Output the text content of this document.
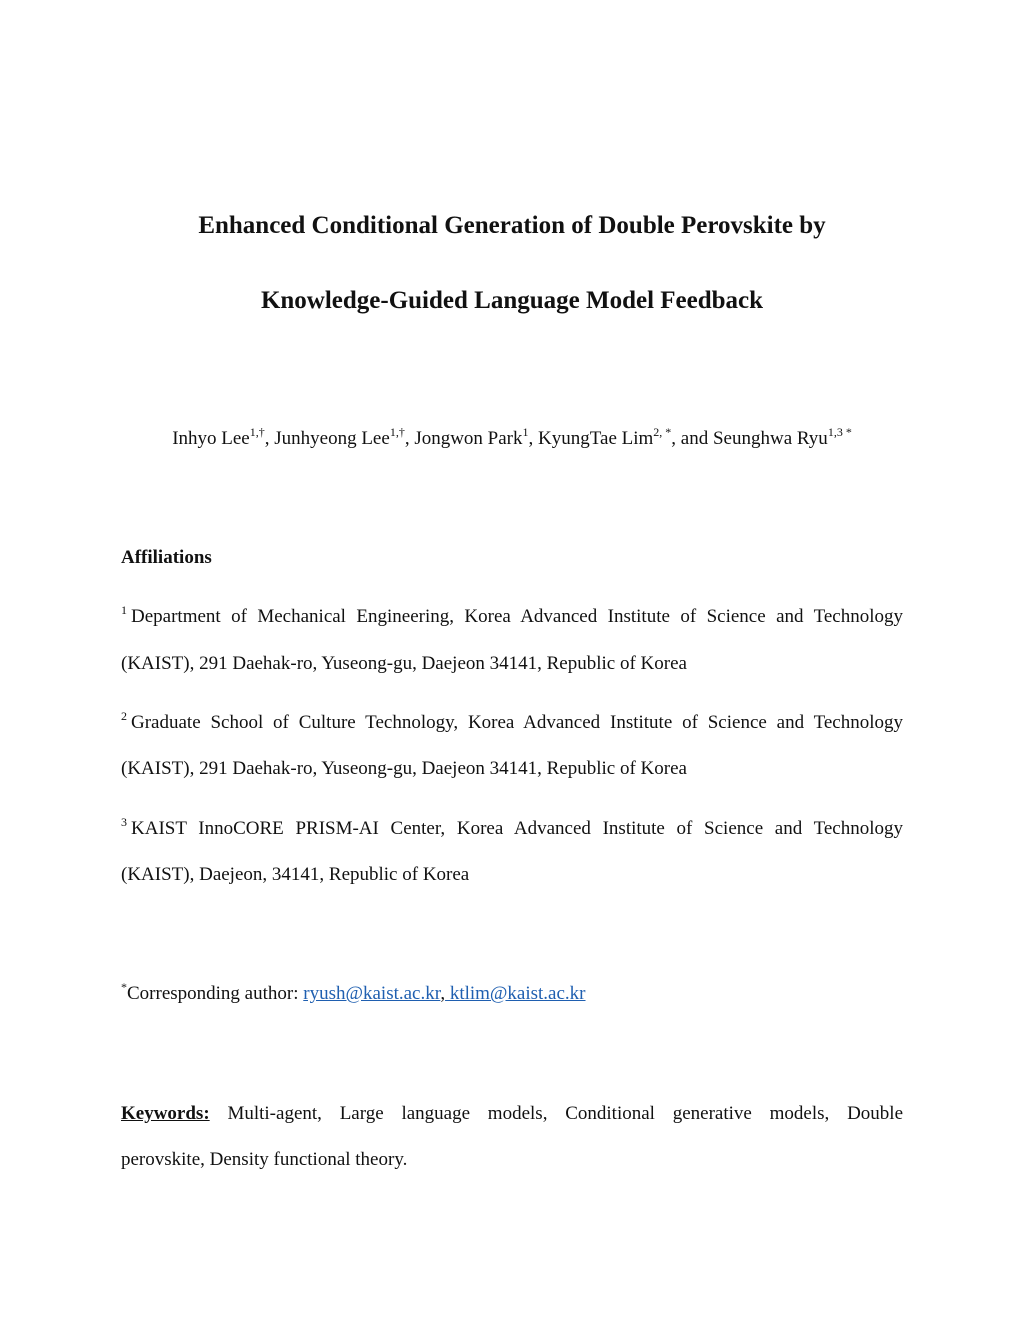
Enhanced Conditional Generation of Double Perovskite by
Knowledge-Guided Language Model Feedback
Inhyo Lee$^{1,\dagger}$, Junhyeong Lee$^{1,\dagger}$, Jongwon Park$^1$, KyungTae Lim$^{2, *}$, and Seunghwa Ryu$^{1,3 *}$
Affiliations
$^1$ Department of Mechanical Engineering, Korea Advanced Institute of Science and Technology
(KAIST), 291 Daehak-ro, Yuseong-gu, Daejeon 34141, Republic of Korea
$^2$ Graduate School of Culture Technology, Korea Advanced Institute of Science and Technology
(KAIST), 291 Daehak-ro, Yuseong-gu, Daejeon 34141, Republic of Korea
$^3$ KAIST InnoCORE PRISM-AI Center, Korea Advanced Institute of Science and Technology
(KAIST), Daejeon, 34141, Republic of Korea
*Corresponding author: ryush@kaist.ac.kr, ktlim@kaist.ac.kr
Keywords: Multi-agent, Large language models, Conditional generative models, Double
perovskite, Density functional theory.
